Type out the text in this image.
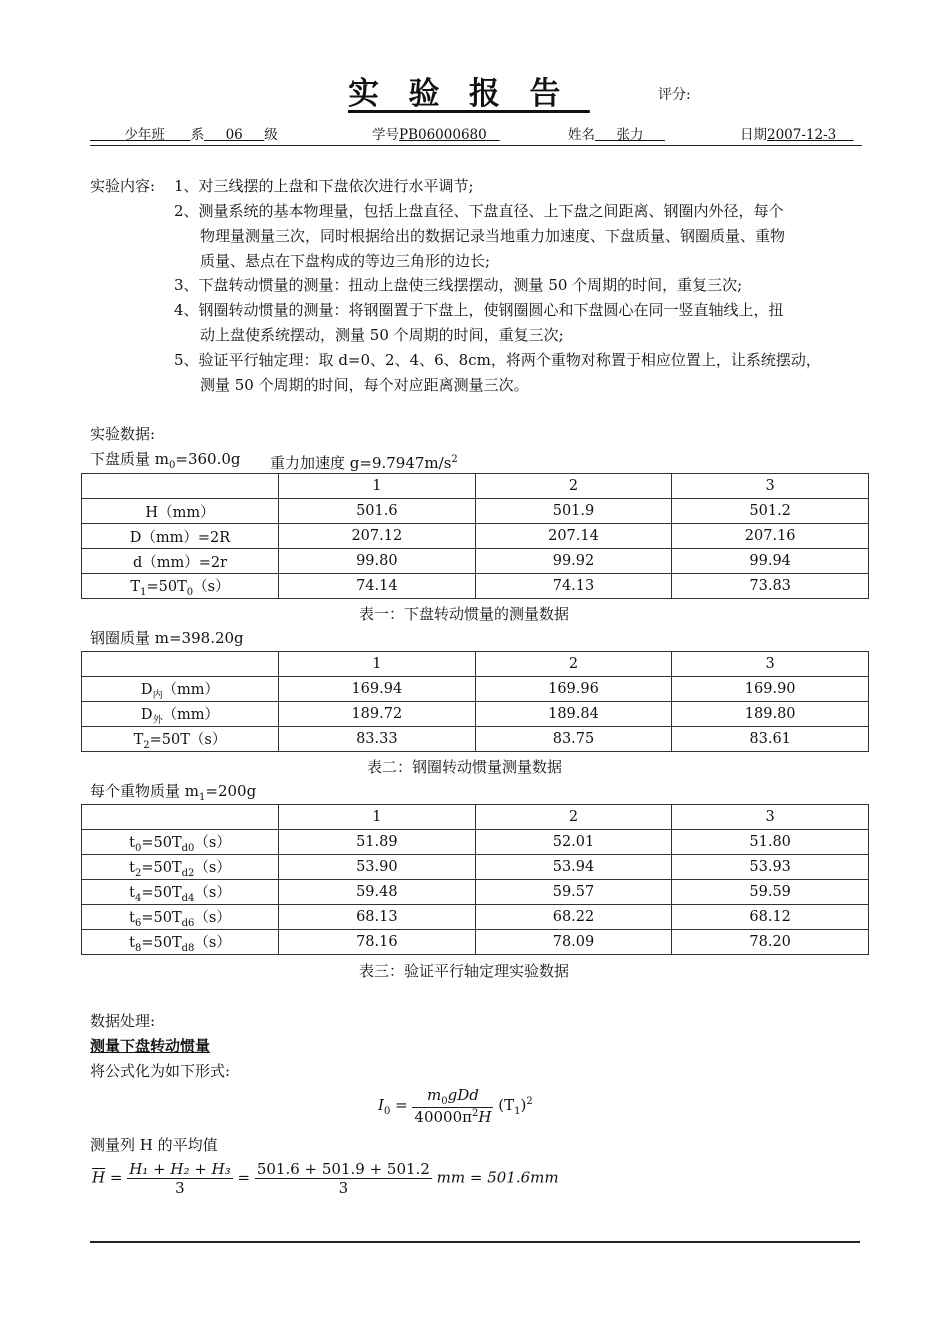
实验报告	评分:
少年班 系 06 级	学号PB06000680	姓名 张力	日期2007-12-3
实验内容: 1、对三线摆的上盘和下盘依次进行水平调节;
2、测量系统的基本物理量，包括上盘直径、下盘直径、上下盘之间距离、钢圈内外径，每个
物理量测量三次，同时根据给出的数据记录当地重力加速度、下盘质量、钢圈质量、重物
质量、悬点在下盘构成的等边三角形的边长;
3、下盘转动惯量的测量：扭动上盘使三线摆摆动，测量 50 个周期的时间，重复三次;
4、钢圈转动惯量的测量：将钢圈置于下盘上，使钢圈圆心和下盘圆心在同一竖直轴线上，扭
动上盘使系统摆动，测量 50 个周期的时间，重复三次;
5、验证平行轴定理：取 d=0、2、4、6、8cm，将两个重物对称置于相应位置上，让系统摆动，
测量 50 个周期的时间，每个对应距离测量三次。
实验数据:
下盘质量 $m_0=360.0g$ 重力加速度 $g=9.7947m/s^2$
	1	2	3
H（mm）	501.6	501.9	501.2
D（mm）=2R	207.12	207.14	207.16
d（mm）=2r	99.80	99.92	99.94
$T_1=50T_0(s)$	74.14	74.13	73.83
表一：下盘转动惯量的测量数据
钢圈质量 m=398.20g
	1	2	3
$D_内(mm)$	169.94	169.96	169.90
$D_外(mm)$	189.72	189.84	189.80
$T_2=50T(s)$	83.33	83.75	83.61
表二：钢圈转动惯量测量数据
每个重物质量 $m_1=200g$
	1	2	3
$t_0=50T_{d0}(s)$	51.89	52.01	51.80
$t_2=50T_{d2}(s)$	53.90	53.94	53.93
$t_4=50T_{d4}(s)$	59.48	59.57	59.59
$t_6=50T_{d6}(s)$	68.13	68.22	68.12
$t_8=50T_{d8}(s)$	78.16	78.09	78.20
表三：验证平行轴定理实验数据
数据处理:
测量下盘转动惯量
将公式化为如下形式:
$I_0 = \frac{m_0gDd}{40000\pi^2H} (T_1)^2$
测量列 H 的平均值
$\overline{H} = \frac{\text{H₁ + H₂ + H₃}}{3} = \frac{501.6 + 501.9 + 501.2}{3}$ mm = 501.6mm
